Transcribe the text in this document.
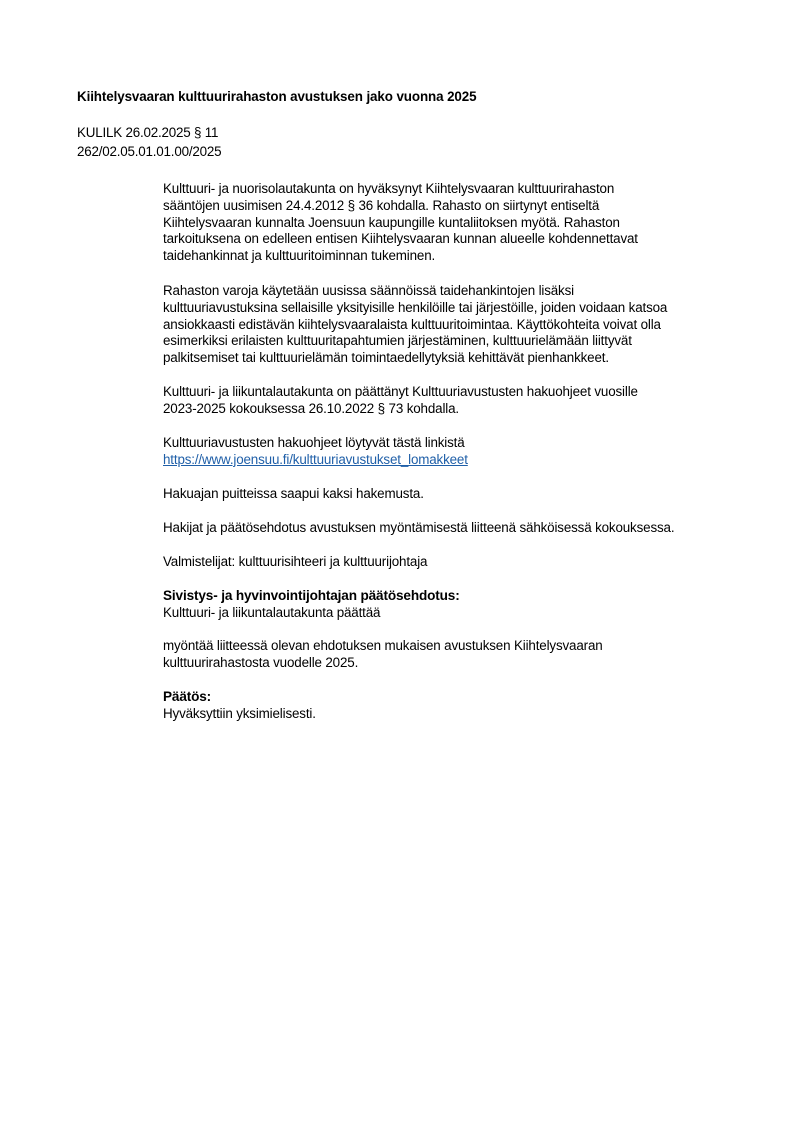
Kiihtelysvaaran kulttuurirahaston avustuksen jako vuonna 2025
KULILK 26.02.2025 § 11
262/02.05.01.01.00/2025

Kulttuuri- ja nuorisolautakunta on hyväksynyt Kiihtelysvaaran kulttuurirahaston

sääntöjen uusimisen 24.4.2012 § 36 kohdalla. Rahasto on siirtynyt entiseltä

Kiihtelysvaaran kunnalta Joensuun kaupungille kuntaliitoksen myötä. Rahaston

tarkoituksena on edelleen entisen Kiihtelysvaaran kunnan alueelle kohdennettavat

taidehankinnat ja kulttuuritoiminnan tukeminen.

Rahaston varoja käytetään uusissa säännöissä taidehankintojen lisäksi

kulttuuriavustuksina sellaisille yksityisille henkilöille tai järjestöille, joiden voidaan katsoa

ansiokkaasti edistävän kiihtelysvaaralaista kulttuuritoimintaa. Käyttökohteita voivat olla

esimerkiksi erilaisten kulttuuritapahtumien järjestäminen, kulttuurielämään liittyvät

palkitsemiset tai kulttuurielämän toimintaedellytyksiä kehittävät pienhankkeet.

Kulttuuri- ja liikuntalautakunta on päättänyt Kulttuuriavustusten hakuohjeet vuosille

2023-2025 kokouksessa 26.10.2022 § 73 kohdalla.

Kulttuuriavustusten hakuohjeet löytyvät tästä linkistä

https://www.joensuu.fi/kulttuuriavustukset_lomakkeet

Hakuajan puitteissa saapui kaksi hakemusta.

Hakijat ja päätösehdotus avustuksen myöntämisestä liitteenä sähköisessä kokouksessa.

Valmistelijat: kulttuurisihteeri ja kulttuurijohtaja

Sivistys- ja hyvinvointijohtajan päätösehdotus:

Kulttuuri- ja liikuntalautakunta päättää

myöntää liitteessä olevan ehdotuksen mukaisen avustuksen Kiihtelysvaaran

kulttuurirahastosta vuodelle 2025.

Päätös:

Hyväksyttiin yksimielisesti.
